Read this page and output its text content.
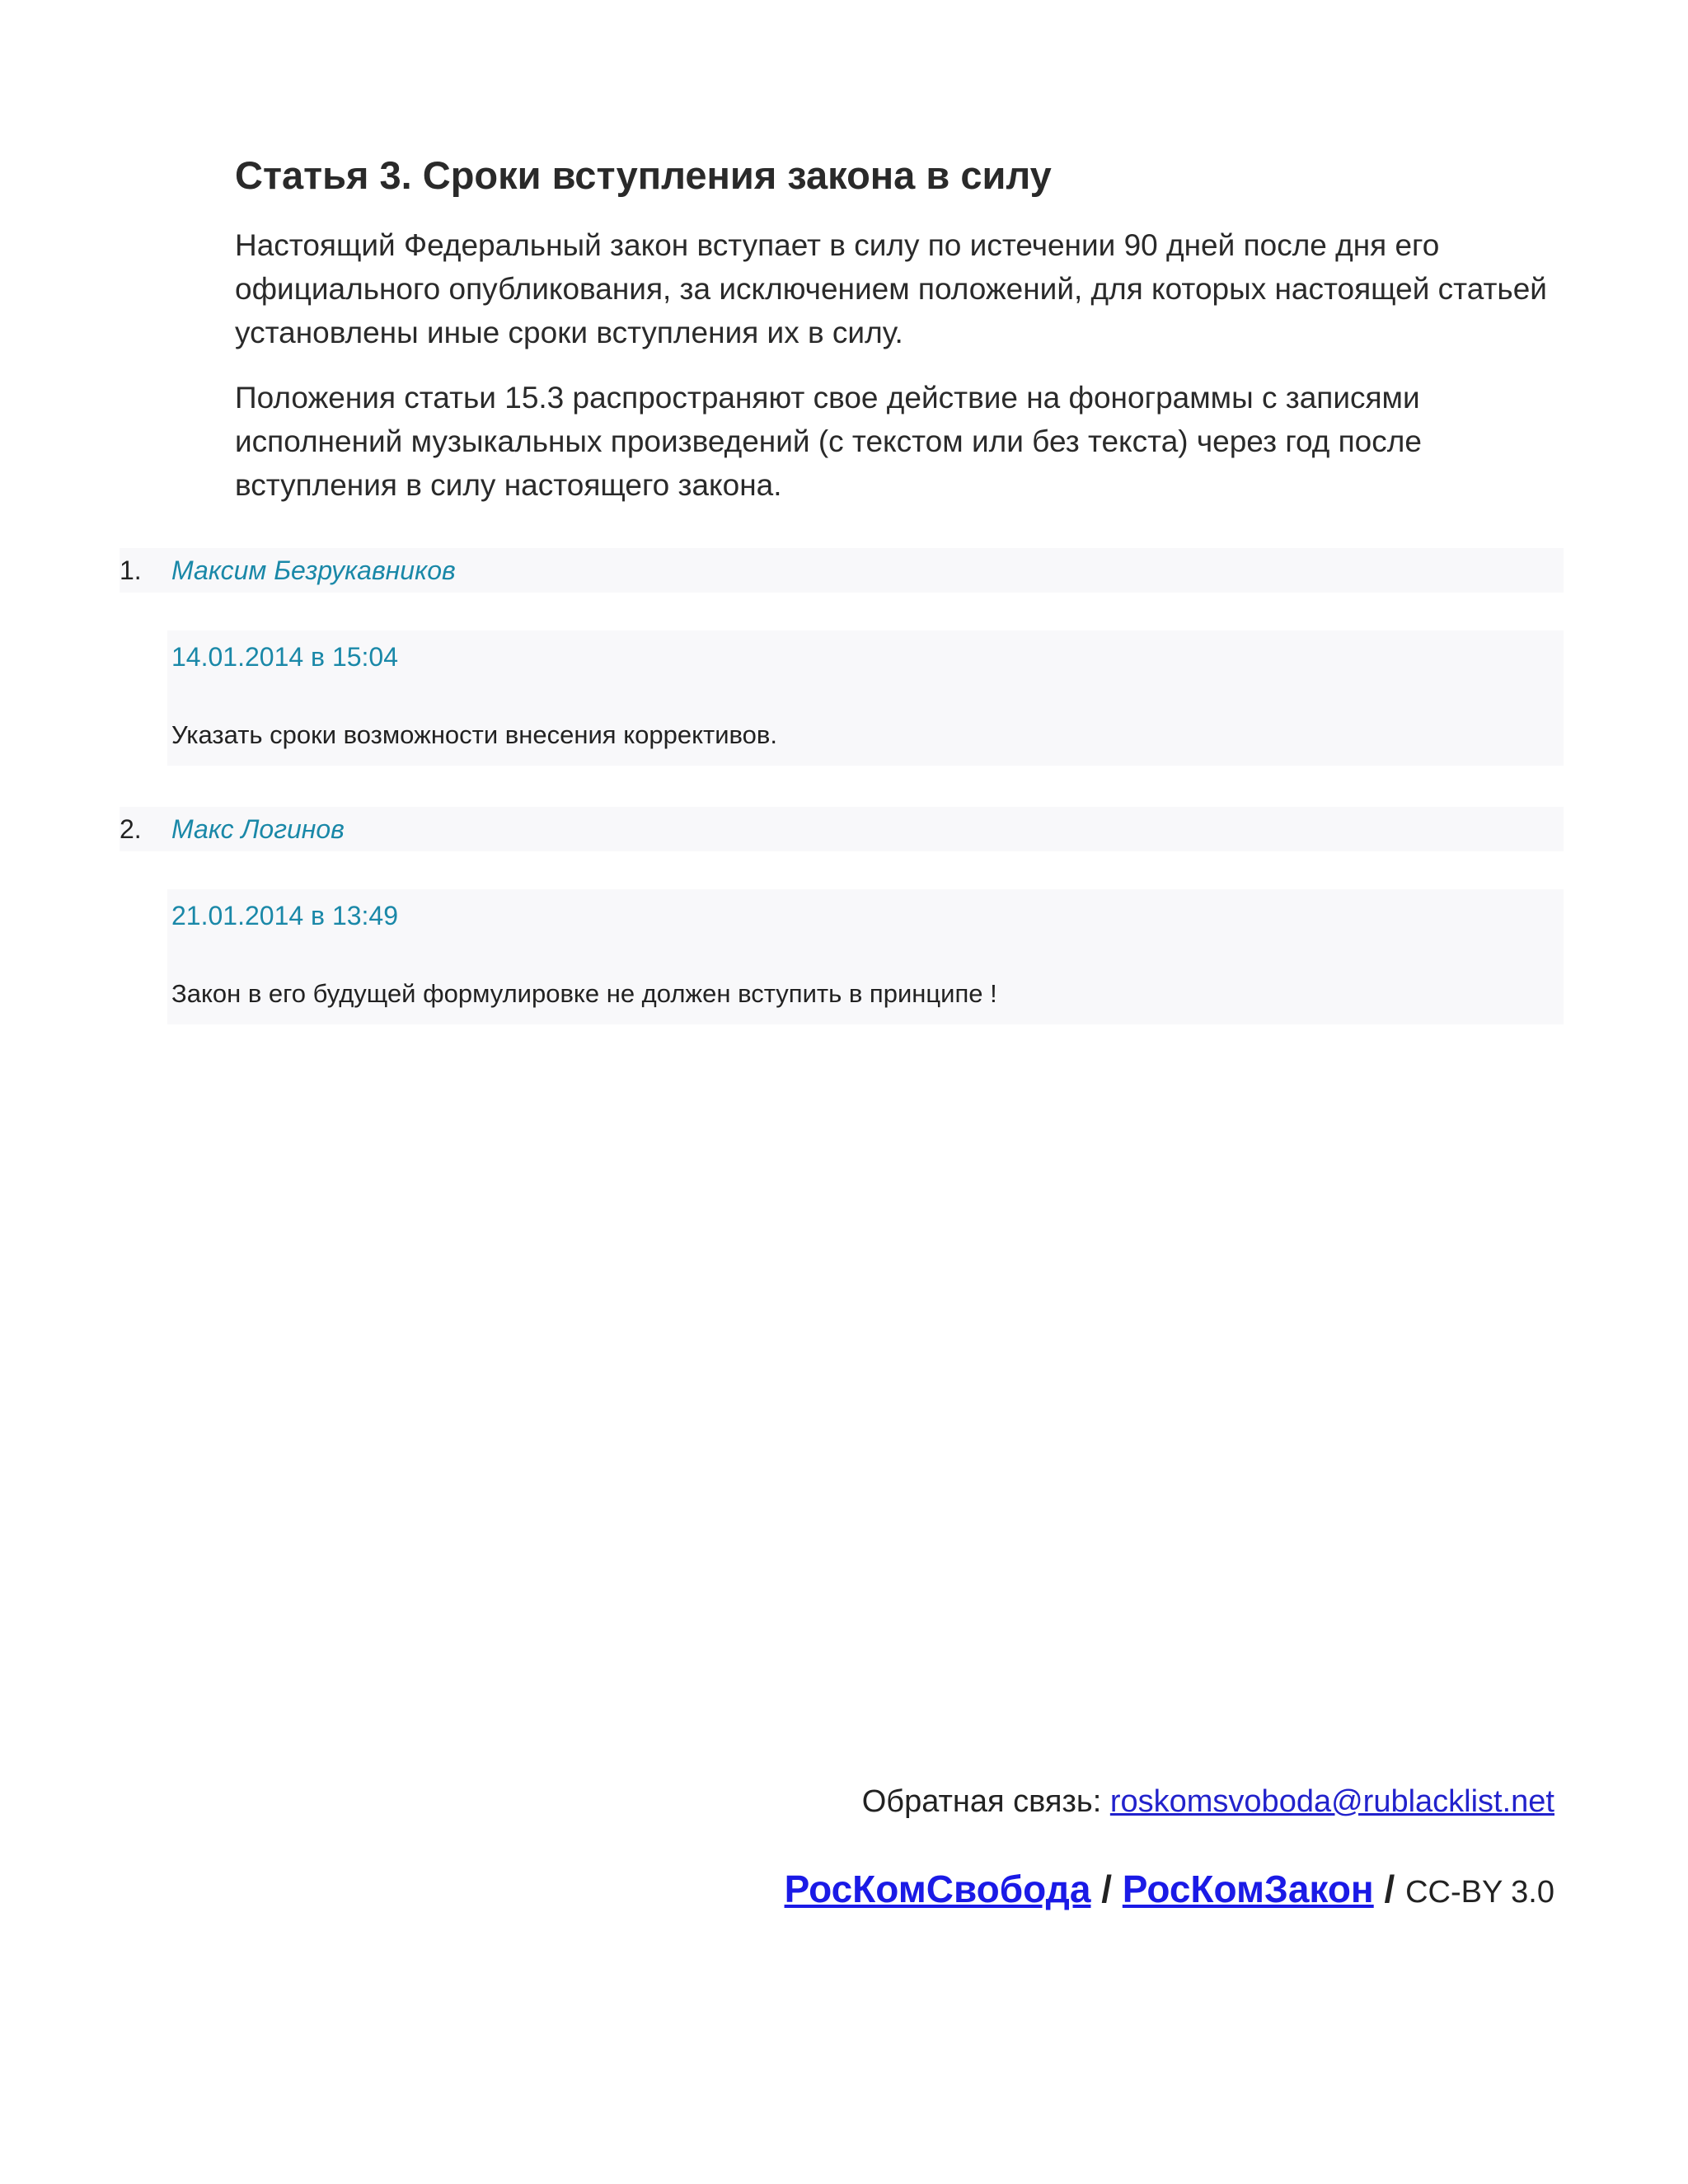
Статья 3. Сроки вступления закона в силу

Настоящий Федеральный закон вступает в силу по истечении 90 дней после дня его официального опубликования, за исключением положений, для которых настоящей статьей установлены иные сроки вступления их в силу.

Положения статьи 15.3 распространяют свое действие на фонограммы с записями исполнений музыкальных произведений (с текстом или без текста) через год после вступления в силу настоящего закона.

1. Максим Безрукавников
14.01.2014 в 15:04
Указать сроки возможности внесения коррективов.
2. Макс Логинов
21.01.2014 в 13:49
Закон в его будущей формулировке не должен вступить в принципе !
Обратная связь: roskomsvoboda@rublacklist.net
РосКомСвобода / РосКомЗакон / CC-BY 3.0
